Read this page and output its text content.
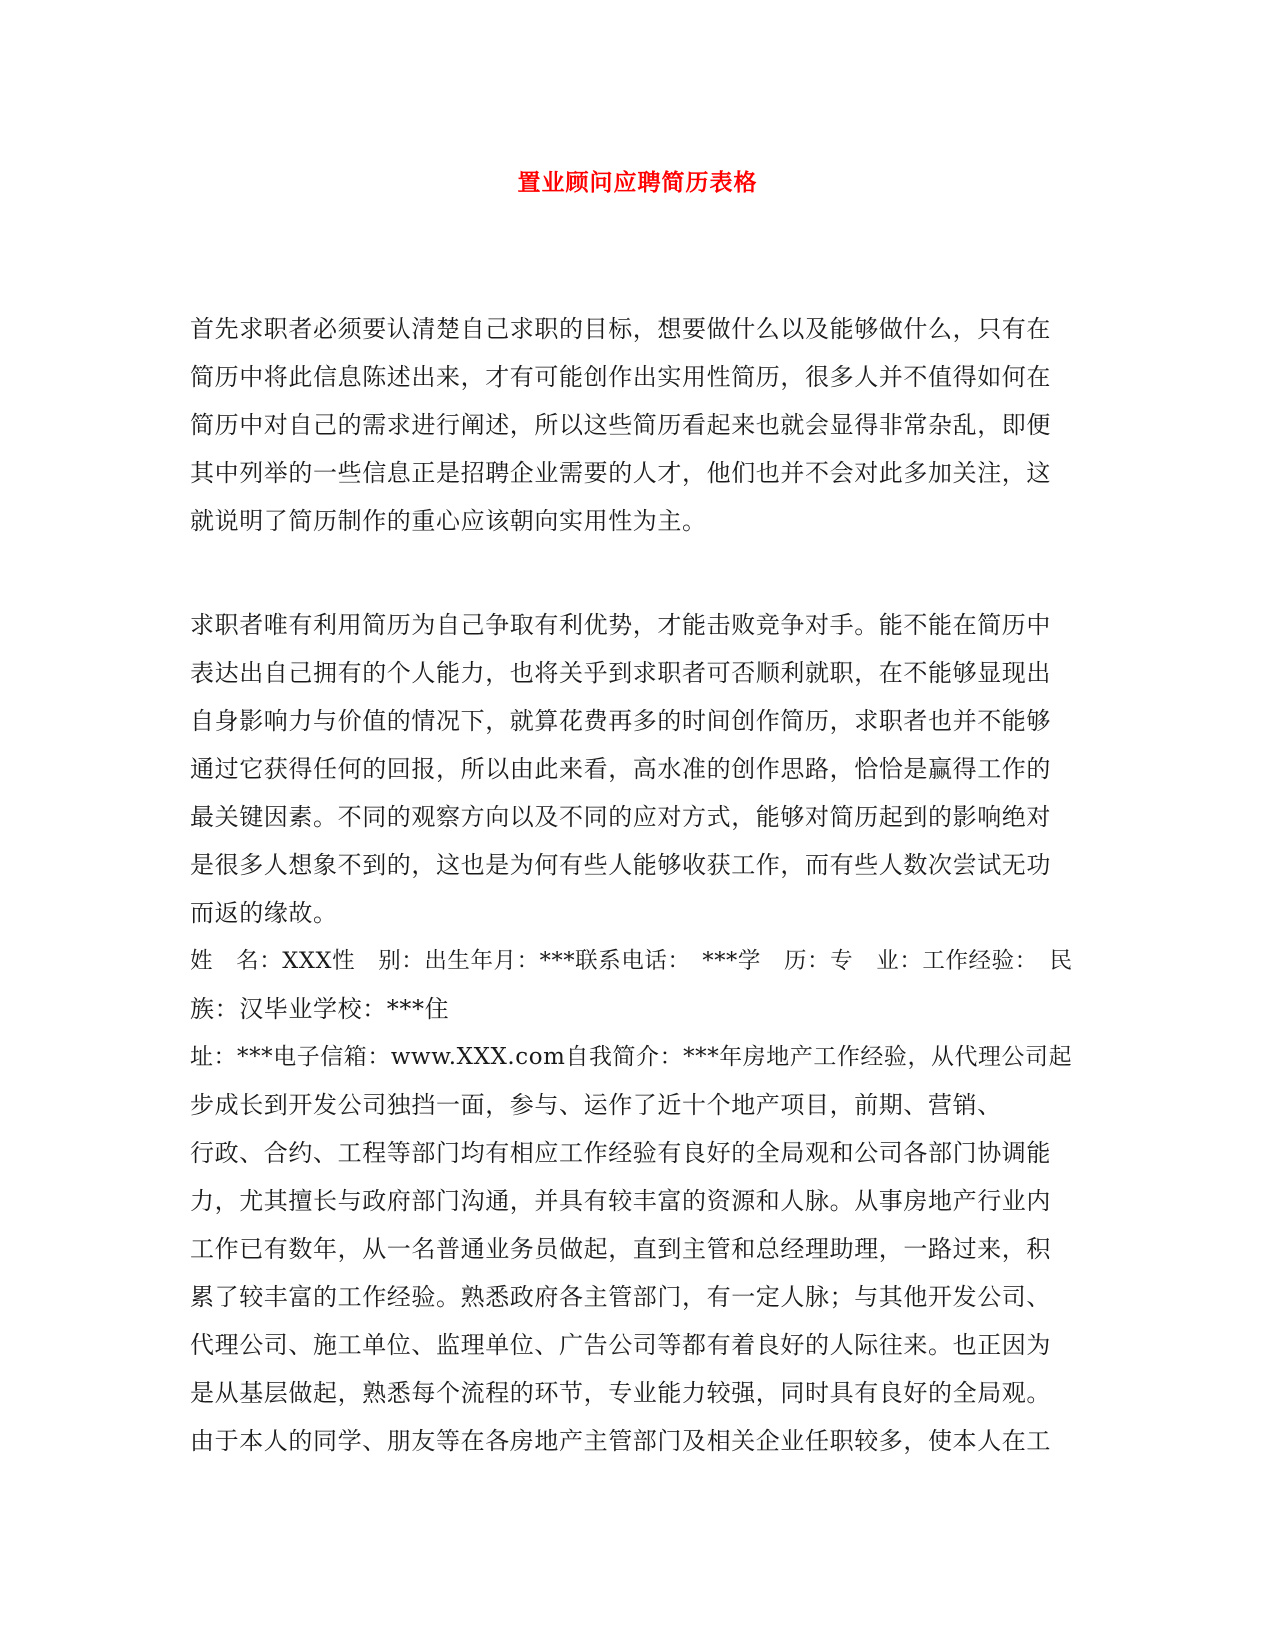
置业顾问应聘简历表格
首先求职者必须要认清楚自己求职的目标，想要做什么以及能够做什么，只有在
简历中将此信息陈述出来，才有可能创作出实用性简历，很多人并不值得如何在
简历中对自己的需求进行阐述，所以这些简历看起来也就会显得非常杂乱，即便
其中列举的一些信息正是招聘企业需要的人才，他们也并不会对此多加关注，这
就说明了简历制作的重心应该朝向实用性为主。
求职者唯有利用简历为自己争取有利优势，才能击败竞争对手。能不能在简历中
表达出自己拥有的个人能力，也将关乎到求职者可否顺利就职，在不能够显现出
自身影响力与价值的情况下，就算花费再多的时间创作简历，求职者也并不能够
通过它获得任何的回报，所以由此来看，高水准的创作思路，恰恰是赢得工作的
最关键因素。不同的观察方向以及不同的应对方式，能够对简历起到的影响绝对
是很多人想象不到的，这也是为何有些人能够收获工作，而有些人数次尝试无功
而返的缘故。
姓　名：XXX性　别：出生年月：***联系电话：　***学　历：专　业：工作经验：　民
族：汉毕业学校：***住
址：***电子信箱：www.XXX.com自我简介：***年房地产工作经验，从代理公司起
步成长到开发公司独挡一面，参与、运作了近十个地产项目，前期、营销、
行政、合约、工程等部门均有相应工作经验有良好的全局观和公司各部门协调能
力，尤其擅长与政府部门沟通，并具有较丰富的资源和人脉。从事房地产行业内
工作已有数年，从一名普通业务员做起，直到主管和总经理助理，一路过来，积
累了较丰富的工作经验。熟悉政府各主管部门，有一定人脉；与其他开发公司、
代理公司、施工单位、监理单位、广告公司等都有着良好的人际往来。也正因为
是从基层做起，熟悉每个流程的环节，专业能力较强，同时具有良好的全局观。
由于本人的同学、朋友等在各房地产主管部门及相关企业任职较多，使本人在工
